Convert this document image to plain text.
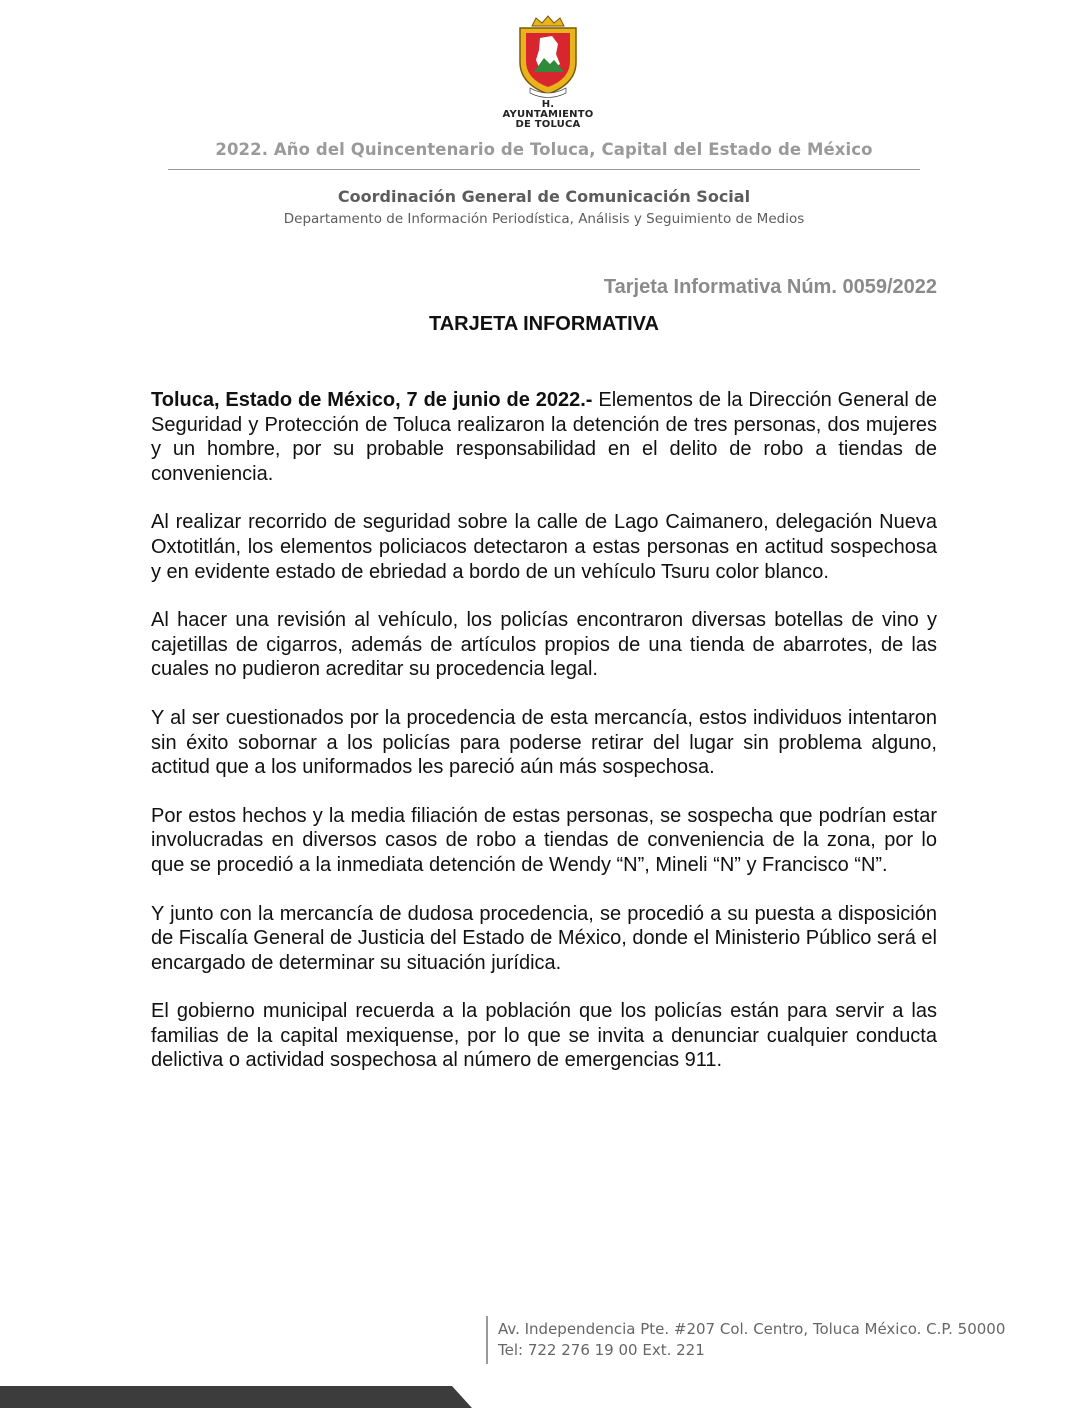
H. AYUNTAMIENTO
DE TOLUCA
2022. Año del Quincentenario de Toluca, Capital del Estado de México
Coordinación General de Comunicación Social
Departamento de Información Periodística, Análisis y Seguimiento de Medios
Tarjeta Informativa Núm. 0059/2022
TARJETA INFORMATIVA

Toluca, Estado de México, 7 de junio de 2022.- Elementos de la Dirección General de Seguridad y Protección de Toluca realizaron la detención de tres personas, dos mujeres y un hombre, por su probable responsabilidad en el delito de robo a tiendas de conveniencia.

Al realizar recorrido de seguridad sobre la calle de Lago Caimanero, delegación Nueva Oxtotitlán, los elementos policiacos detectaron a estas personas en actitud sospechosa y en evidente estado de ebriedad a bordo de un vehículo Tsuru color blanco.

Al hacer una revisión al vehículo, los policías encontraron diversas botellas de vino y cajetillas de cigarros, además de artículos propios de una tienda de abarrotes, de las cuales no pudieron acreditar su procedencia legal.

Y al ser cuestionados por la procedencia de esta mercancía, estos individuos intentaron sin éxito sobornar a los policías para poderse retirar del lugar sin problema alguno, actitud que a los uniformados les pareció aún más sospechosa.

Por estos hechos y la media filiación de estas personas, se sospecha que podrían estar involucradas en diversos casos de robo a tiendas de conveniencia de la zona, por lo que se procedió a la inmediata detención de Wendy “N”, Mineli “N” y Francisco “N”.

Y junto con la mercancía de dudosa procedencia, se procedió a su puesta a disposición de Fiscalía General de Justicia del Estado de México, donde el Ministerio Público será el encargado de determinar su situación jurídica.

El gobierno municipal recuerda a la población que los policías están para servir a las familias de la capital mexiquense, por lo que se invita a denunciar cualquier conducta delictiva o actividad sospechosa al número de emergencias 911.

Av. Independencia Pte. #207 Col. Centro, Toluca México. C.P. 50000
Tel: 722 276 19 00 Ext. 221
